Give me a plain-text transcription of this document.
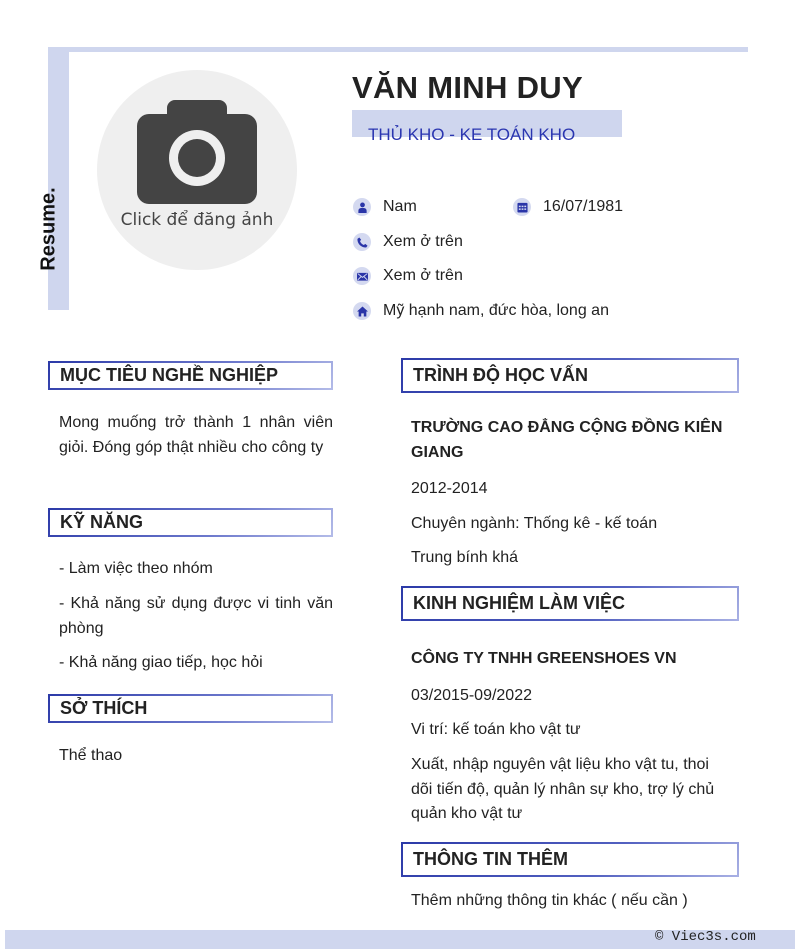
Resume.	Click để đăng ảnh
VĂN MINH DUY
THỦ KHO - KE TOÁN KHO
Nam	16/07/1981
Xem ở trên
Xem ở trên
Mỹ hạnh nam, đức hòa, long an
MỤC TIÊU NGHỀ NGHIỆP
Mong muống trở thành 1 nhân viên giỏi. Đóng góp thật nhiều cho công ty
KỸ NĂNG
- Làm việc theo nhóm
- Khả năng sử dụng được vi tinh văn phòng
- Khả năng giao tiếp, học hỏi
SỞ THÍCH
Thể thao
TRÌNH ĐỘ HỌC VẤN
TRƯỜNG CAO ĐẲNG CỘNG ĐỒNG KIÊN GIANG
2012-2014
Chuyên ngành: Thống kê - kế toán
Trung bính khá
KINH NGHIỆM LÀM VIỆC
CÔNG TY TNHH GREENSHOES VN
03/2015-09/2022
Vi trí: kế toán kho vật tư
Xuất, nhập nguyên vật liệu kho vật tu, thoi dõi tiến độ, quản lý nhân sự kho, trợ lý chủ quản kho vật tư
THÔNG TIN THÊM
Thêm những thông tin khác ( nếu cần )
© Viec3s.com
